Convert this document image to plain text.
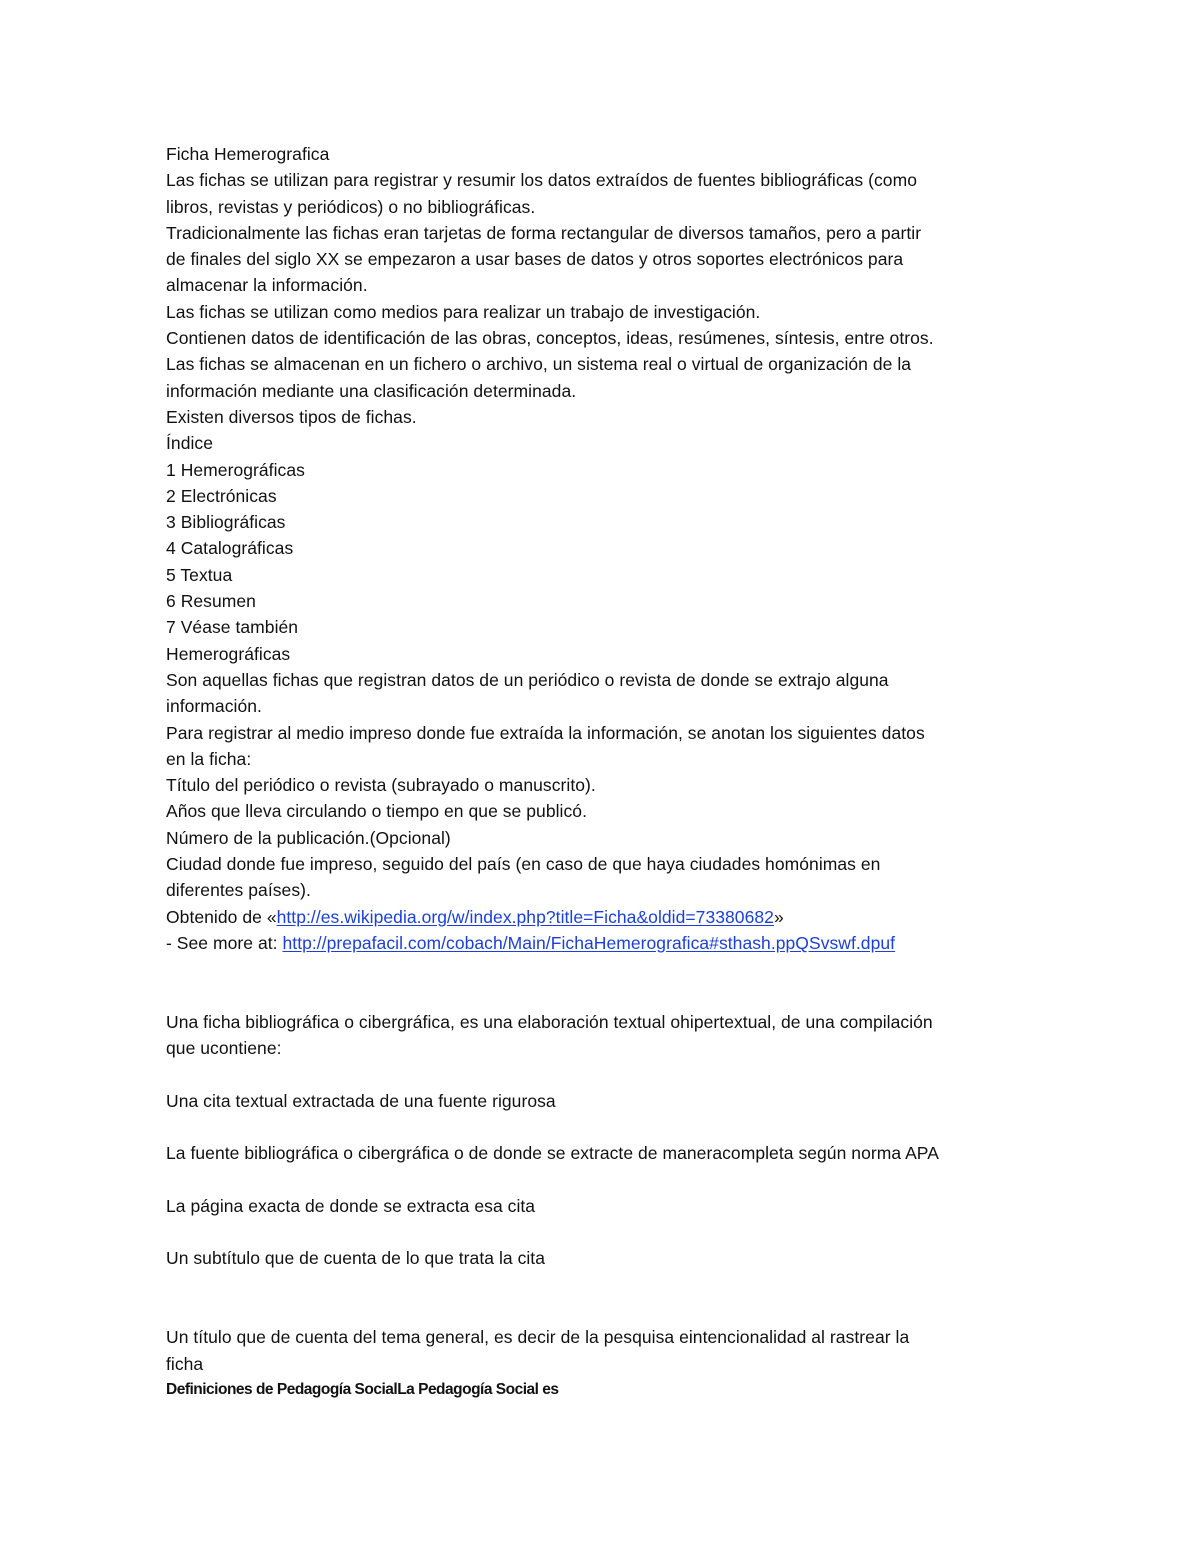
Ficha Hemerografica
Las fichas se utilizan para registrar y resumir los datos extraídos de fuentes bibliográficas (como
libros, revistas y periódicos) o no bibliográficas.
Tradicionalmente las fichas eran tarjetas de forma rectangular de diversos tamaños, pero a partir
de finales del siglo XX se empezaron a usar bases de datos y otros soportes electrónicos para
almacenar la información.
Las fichas se utilizan como medios para realizar un trabajo de investigación.
Contienen datos de identificación de las obras, conceptos, ideas, resúmenes, síntesis, entre otros.
Las fichas se almacenan en un fichero o archivo, un sistema real o virtual de organización de la
información mediante una clasificación determinada.
Existen diversos tipos de fichas.
Índice
1 Hemerográficas
2 Electrónicas
3 Bibliográficas
4 Catalográficas
5 Textua
6 Resumen
7 Véase también
Hemerográficas
Son aquellas fichas que registran datos de un periódico o revista de donde se extrajo alguna
información.
Para registrar al medio impreso donde fue extraída la información, se anotan los siguientes datos
en la ficha:
Título del periódico o revista (subrayado o manuscrito).
Años que lleva circulando o tiempo en que se publicó.
Número de la publicación.(Opcional)
Ciudad donde fue impreso, seguido del país (en caso de que haya ciudades homónimas en
diferentes países).
Obtenido de «http://es.wikipedia.org/w/index.php?title=Ficha&oldid=73380682»
- See more at: http://prepafacil.com/cobach/Main/FichaHemerografica#sthash.ppQSvswf.dpuf
Una ficha bibliográfica o cibergráfica, es una elaboración textual ohipertextual, de una compilación
que ucontiene:
Una cita textual extractada de una fuente rigurosa
La fuente bibliográfica o cibergráfica o de donde se extracte de maneracompleta según norma APA
La página exacta de donde se extracta esa cita
Un subtítulo que de cuenta de lo que trata la cita
Un título que de cuenta del tema general, es decir de la pesquisa eintencionalidad al rastrear la
ficha
Definiciones de Pedagogía SocialLa Pedagogía Social es
